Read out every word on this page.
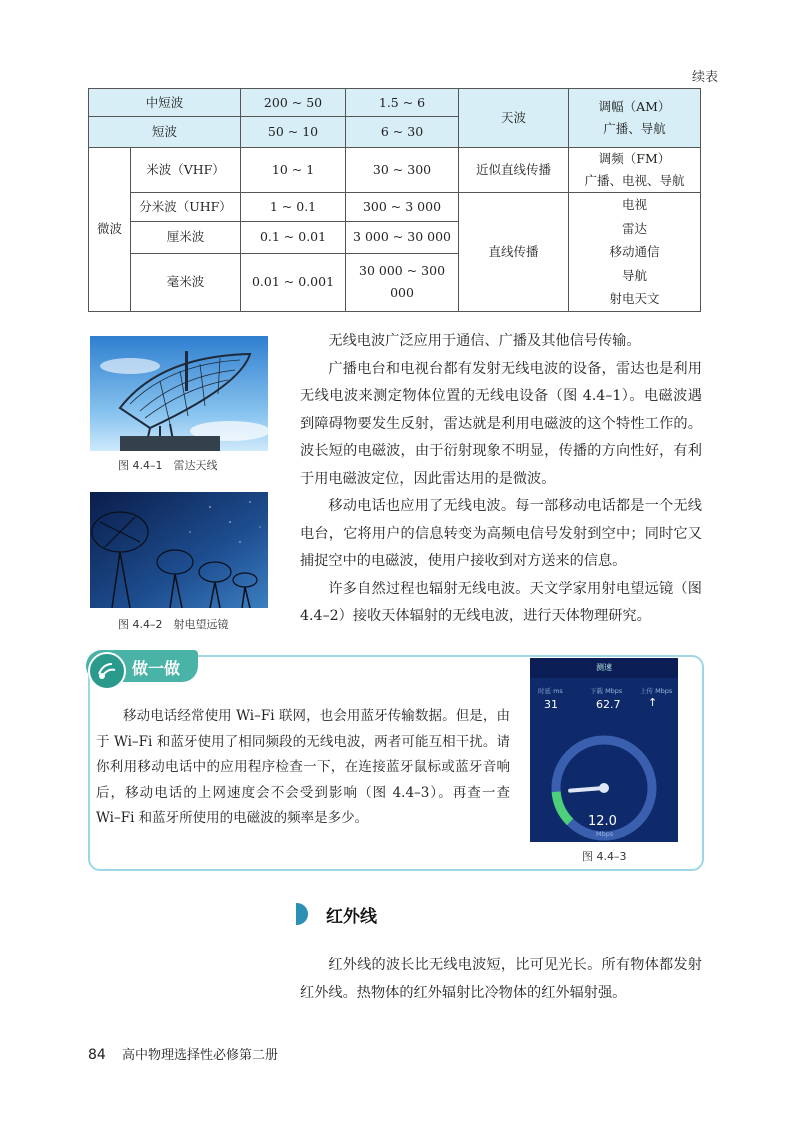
续表
中短波		200 ~ 50	1.5 ~ 6	天波	调幅（AM）
广播、导航

短波		50 ~ 10	6 ~ 30		
微波	米波（VHF）	10 ~ 1	30 ~ 300	近似直线传播	调频（FM）
广播、电视、导航

	分米波（UHF）	1 ~ 0.1	300 ~ 3 000	直线传播	电视
雷达
移动通信
导航
射电天文

	厘米波	0.1 ~ 0.01	3 000 ~ 30 000		
	毫米波	0.01 ~ 0.001	30 000 ~ 300 000		
图 4.4–1　雷达天线
图 4.4–2　射电望远镜

无线电波广泛应用于通信、广播及其他信号传输。

广播电台和电视台都有发射无线电波的设备，雷达也是利用无线电波来测定物体位置的无线电设备（图 4.4–1）。电磁波遇到障碍物要发生反射，雷达就是利用电磁波的这个特性工作的。波长短的电磁波，由于衍射现象不明显，传播的方向性好，有利于用电磁波定位，因此雷达用的是微波。

移动电话也应用了无线电波。每一部移动电话都是一个无线电台，它将用户的信息转变为高频电信号发射到空中；同时它又捕捉空中的电磁波，使用户接收到对方送来的信息。

许多自然过程也辐射无线电波。天文学家用射电望远镜（图 4.4–2）接收天体辐射的无线电波，进行天体物理研究。

做一做

移动电话经常使用 Wi–Fi 联网，也会用蓝牙传输数据。但是，由于 Wi–Fi 和蓝牙使用了相同频段的无线电波，两者可能互相干扰。请你利用移动电话中的应用程序检查一下，在连接蓝牙鼠标或蓝牙音响后，移动电话的上网速度会不会受到影响（图 4.4–3）。再查一查 Wi–Fi 和蓝牙所使用的电磁波的频率是多少。

测速
时延 ms
31
下载 Mbps
62.7
上传 Mbps
↑
12.0
Mbps
图 4.4–3
红外线

红外线的波长比无线电波短，比可见光长。所有物体都发射红外线。热物体的红外辐射比冷物体的红外辐射强。

84 高中物理选择性必修第二册
